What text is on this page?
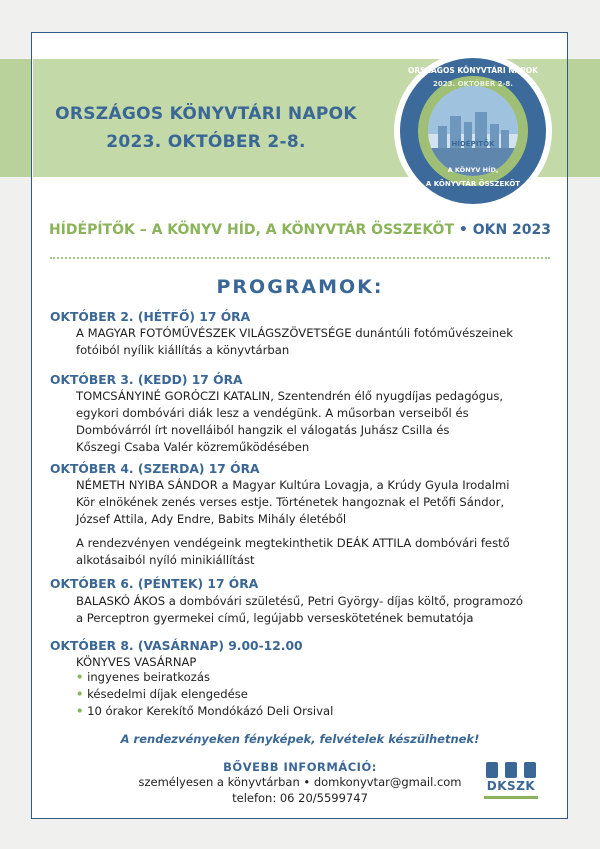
ORSZÁGOS KÖNYVTÁRI NAPOK
2023. OKTÓBER 2-8.
ORSZÁGOS KÖNYVTÁRI NAPOK
2023. OKTÓBER 2-8.
HÍDÉPÍTŐK
A KÖNYV HÍD,
A KÖNYVTÁR ÖSSZEKÖT
HÍDÉPÍTŐK – A KÖNYV HÍD, A KÖNYVTÁR ÖSSZEKÖT • OKN 2023
PROGRAMOK:
OKTÓBER 2. (HÉTFŐ) 17 ÓRA
A MAGYAR FOTÓMŰVÉSZEK VILÁGSZÖVETSÉGE dunántúli fotóművészeinek
fotóiból nyílik kiállítás a könyvtárban
OKTÓBER 3. (KEDD) 17 ÓRA
TOMCSÁNYINÉ GORÓCZI KATALIN, Szentendrén élő nyugdíjas pedagógus,
egykori dombóvári diák lesz a vendégünk. A műsorban verseiből és
Dombóvárról írt novelláiból hangzik el válogatás Juhász Csilla és
Kőszegi Csaba Valér közreműködésében
OKTÓBER 4. (SZERDA) 17 ÓRA
NÉMETH NYIBA SÁNDOR a Magyar Kultúra Lovagja, a Krúdy Gyula Irodalmi
Kör elnökének zenés verses estje. Történetek hangoznak el Petőfi Sándor,
József Attila, Ady Endre, Babits Mihály életéből
A rendezvényen vendégeink megtekinthetik DEÁK ATTILA dombóvári festő
alkotásaiból nyíló minikiállítást
OKTÓBER 6. (PÉNTEK) 17 ÓRA
BALASKÓ ÁKOS a dombóvári születésű, Petri György- díjas költő, programozó
a Perceptron gyermekei című, legújabb verseskötetének bemutatója
OKTÓBER 8. (VASÁRNAP) 9.00-12.00
KÖNYVES VASÁRNAP
• ingyenes beiratkozás
• késedelmi díjak elengedése
• 10 órakor Kerekítő Mondókázó Deli Orsival
A rendezvényeken fényképek, felvételek készülhetnek!
BŐVEBB INFORMÁCIÓ:
személyesen a könyvtárban • domkonyvtar@gmail.com
telefon: 06 20/5599747
DKSZK
